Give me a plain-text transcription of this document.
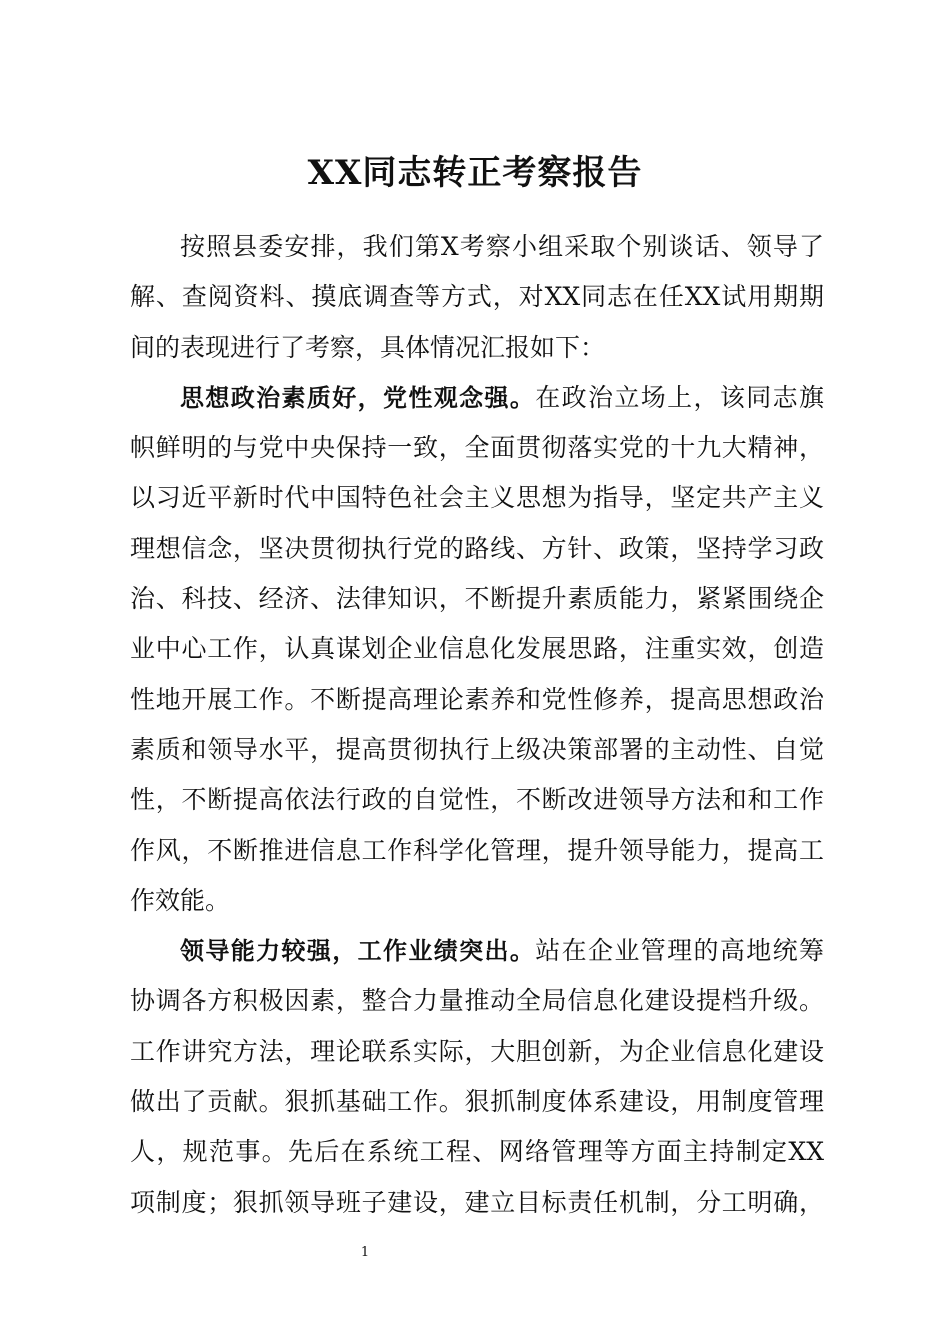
XX同志转正考察报告
按照县委安排，我们第X考察小组采取个别谈话、领导了
解、查阅资料、摸底调查等方式，对XX同志在任XX试用期期
间的表现进行了考察，具体情况汇报如下：
思想政治素质好，党性观念强。在政治立场上，该同志旗
帜鲜明的与党中央保持一致，全面贯彻落实党的十九大精神，
以习近平新时代中国特色社会主义思想为指导，坚定共产主义
理想信念，坚决贯彻执行党的路线、方针、政策，坚持学习政
治、科技、经济、法律知识，不断提升素质能力，紧紧围绕企
业中心工作，认真谋划企业信息化发展思路，注重实效，创造
性地开展工作。不断提高理论素养和党性修养，提高思想政治
素质和领导水平，提高贯彻执行上级决策部署的主动性、自觉
性，不断提高依法行政的自觉性，不断改进领导方法和和工作
作风，不断推进信息工作科学化管理，提升领导能力，提高工
作效能。
领导能力较强，工作业绩突出。站在企业管理的高地统筹
协调各方积极因素，整合力量推动全局信息化建设提档升级。
工作讲究方法，理论联系实际，大胆创新，为企业信息化建设
做出了贡献。狠抓基础工作。狠抓制度体系建设，用制度管理
人，规范事。先后在系统工程、网络管理等方面主持制定XX
项制度；狠抓领导班子建设，建立目标责任机制，分工明确，
1
